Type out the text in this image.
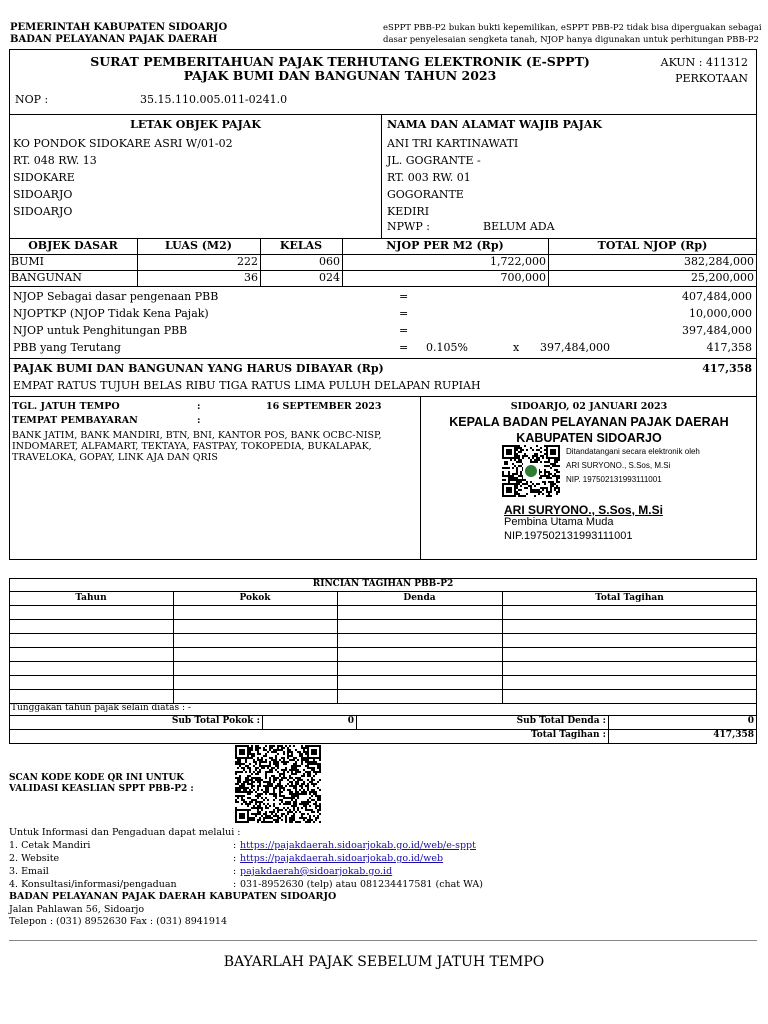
PEMERINTAH KABUPATEN SIDOARJO
BADAN PELAYANAN PAJAK DAERAH
eSPPT PBB-P2 bukan bukti kepemilikan, eSPPT PBB-P2 tidak bisa diperguakan sebagai
dasar penyelesaian sengketa tanah, NJOP hanya digunakan untuk perhitungan PBB-P2
SURAT PEMBERITAHUAN PAJAK TERHUTANG ELEKTRONIK (E-SPPT)
PAJAK BUMI DAN BANGUNAN TAHUN 2023
AKUN : 411312
PERKOTAAN
NOP :	35.15.110.005.011-0241.0
LETAK OBJEK PAJAK
KO PONDOK SIDOKARE ASRI W/01-02
RT. 048 RW. 13
SIDOKARE
SIDOARJO
SIDOARJO
NAMA DAN ALAMAT WAJIB PAJAK
ANI TRI KARTINAWATI
JL. GOGRANTE -
RT. 003 RW. 01
GOGORANTE
KEDIRI
NPWP :	BELUM ADA
OBJEK DASAR	LUAS (M2)	KELAS	NJOP PER M2 (Rp)	TOTAL NJOP (Rp)
BUMI	222	060	1,722,000	382,284,000
BANGUNAN	36	024	700,000	25,200,000
NJOP Sebagai dasar pengenaan PBB	=	407,484,000
NJOPTKP (NJOP Tidak Kena Pajak)	=	10,000,000
NJOP untuk Penghitungan PBB	=	397,484,000
PBB yang Terutang	= 0.105%	x 397,484,000	417,358
PAJAK BUMI DAN BANGUNAN YANG HARUS DIBAYAR (Rp)	417,358
EMPAT RATUS TUJUH BELAS RIBU TIGA RATUS LIMA PULUH DELAPAN RUPIAH
TGL. JATUH TEMPO	:	16 SEPTEMBER 2023
TEMPAT PEMBAYARAN	:
BANK JATIM, BANK MANDIRI, BTN, BNI, KANTOR POS, BANK OCBC-NISP,
INDOMARET, ALFAMART, TEKTAYA, FASTPAY, TOKOPEDIA, BUKALAPAK,
TRAVELOKA, GOPAY, LINK AJA DAN QRIS
SIDOARJO, 02 JANUARI 2023
KEPALA BADAN PELAYANAN PAJAK DAERAH
KABUPATEN SIDOARJO
Ditandatangani secara elektronik oleh
ARI SURYONO., S.Sos, M.Si
NIP. 197502131993111001
ARI SURYONO., S.Sos, M.Si
Pembina Utama Muda
NIP.197502131993111001
RINCIAN TAGIHAN PBB-P2
Tahun	Pokok	Denda	Total Tagihan
Tunggakan tahun pajak selain diatas : -
Sub Total Pokok :	0	Sub Total Denda :	0
Total Tagihan :	417,358
SCAN KODE KODE QR INI UNTUK
VALIDASI KEASLIAN SPPT PBB-P2 :
Untuk Informasi dan Pengaduan dapat melalui :
1. Cetak Mandiri	: https://pajakdaerah.sidoarjokab.go.id/web/e-sppt
2. Website	: https://pajakdaerah.sidoarjokab.go.id/web
3. Email	: pajakdaerah@sidoarjokab.go.id
4. Konsultasi/informasi/pengaduan	: 031-8952630 (telp) atau 081234417581 (chat WA)
BADAN PELAYANAN PAJAK DAERAH KABUPATEN SIDOARJO
Jalan Pahlawan 56, Sidoarjo
Telepon : (031) 8952630 Fax : (031) 8941914
BAYARLAH PAJAK SEBELUM JATUH TEMPO
